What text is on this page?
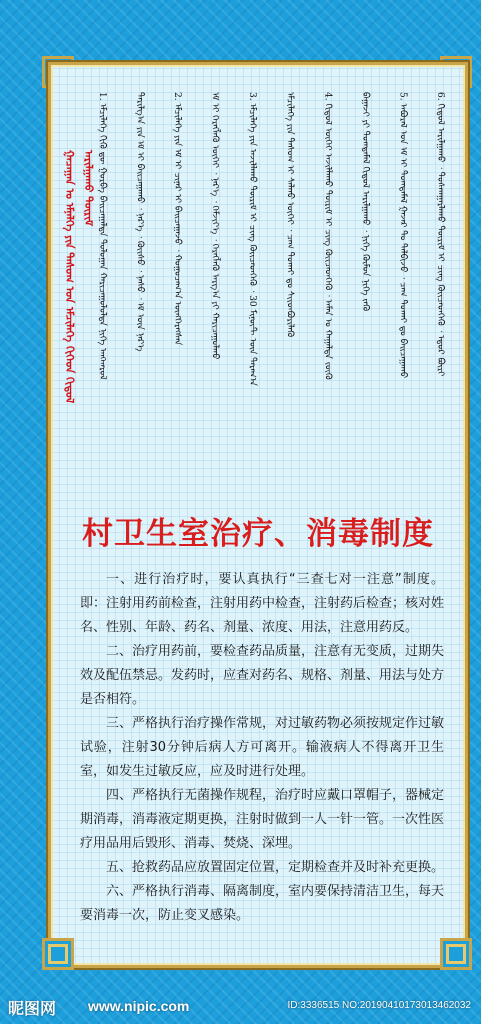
ᠭᠠᠴᠠᠭᠠᠨ ᠤ ᠡᠮᠨᠡᠯᠭᠡ ᠶᠢᠨ ᠲᠠᠰᠤᠭ ᠤᠨ ᠡᠮᠴᠢᠯᠡᠭᠡ ᠬᠢᠭᠡᠳ ᠬᠢᠳᠤᠯ ᠠᠷᠢᠯᠭᠠᠬᠤ ᠳᠦᠷᠢᠮ 1. ᠡᠮᠴᠢᠯᠡᠭᠡ ᠬᠢᠬᠦ ᠳᠦ ᠭᠤᠷᠪᠠ ᠪᠠᠢᠴᠠᠭᠠᠯᠲᠠ ᠳᠤᠯᠤᠭᠠᠨ ᠬᠠᠷᠢᠴᠠᠭᠤᠯᠤᠯᠲᠠ ᠨᠢᠭᠡ ᠠᠩᠬᠠᠷᠤᠯ	ᠲᠠᠷᠢᠯᠭ᠎ᠠ ᠶᠢᠨ ᠡᠮ ᠢ ᠪᠠᠢᠴᠠᠭᠠᠬᠤ ᠂ ᠨᠡᠷ᠎ᠡ ᠂ ᠬᠦᠢᠰᠦ ᠂ ᠨᠠᠰᠤ ᠂ ᠡᠮ ᠦᠨ ᠨᠡᠷ᠎ᠡ	2. ᠡᠮᠴᠢᠯᠡᠭᠡ ᠶᠢᠨ ᠡᠮ ᠢ ᠴᠢᠨᠠᠷ ᠢ ᠪᠠᠢᠴᠠᠭᠠᠵᠤ ᠂ ᠬᠤᠭᠤᠴᠠᠭ᠎ᠠ ᠥᠩᠭᠡᠷᠡᠭᠰᠡᠨ	ᠡᠮ ᠢ ᠬᠡᠷᠡᠭᠯᠡᠬᠦ ᠦᠭᠡᠢ ᠂ ᠨᠡᠷ᠎ᠡ ᠂ ᠬᠡᠮᠵᠢᠶ᠎ᠡ ᠂ ᠬᠡᠷᠡᠭᠯᠡᠬᠦ ᠠᠷᠭ᠎ᠠ ᠶᠢ ᠬᠠᠷᠢᠴᠠᠭᠤᠯᠬᠤ	3. ᠡᠮᠴᠢᠯᠡᠭᠡ ᠶᠢᠨ ᠠᠵᠢᠯᠯᠠᠬᠤ ᠳᠦᠷᠢᠮ ᠢ ᠴᠢᠩ ᠭᠦᠢᠴᠡᠳᠬᠡᠬᠦ ᠂ 30 ᠮᠢᠨᠦ᠋ᠲ ᠦᠨ ᠳᠠᠷᠠᠭ᠎ᠠ	ᠡᠮᠴᠢᠯᠡᠭᠡ ᠶᠢᠨ ᠲᠠᠰᠤᠭ ᠢ ᠰᠠᠯᠬᠤ ᠦᠭᠡᠢ ᠂ ᠴᠠᠭ ᠲᠤᠬᠠᠢ ᠳᠤ ᠰᠢᠢᠳᠪᠦᠷᠢᠯᠡᠬᠦ	4. ᠬᠢᠳᠤᠯ ᠦᠭᠡᠢ ᠠᠵᠢᠯᠯᠠᠬᠤ ᠳᠦᠷᠢᠮ ᠢ ᠴᠢᠩ ᠭᠦᠢᠴᠡᠳᠬᠡᠬᠦ ᠂ ᠠᠮᠠᠨ ᠤ ᠬᠠᠭᠠᠯᠲᠠ ᠵᠦᠬᠦ	ᠪᠠᠭᠠᠵᠢ ᠶᠢ ᠲᠤᠭᠲᠠᠮᠠᠯ ᠬᠢᠳᠤᠯ ᠠᠷᠢᠯᠭᠠᠬᠤ ᠂ ᠨᠢᠭᠡ ᠬᠦᠮᠦᠨ ᠨᠢᠭᠡ ᠵᠡᠭᠦ	5. ᠠᠪᠤᠷᠠᠯ ᠤᠨ ᠡᠮ ᠢ ᠲᠤᠭᠲᠠᠮᠠᠯ ᠭᠠᠵᠠᠷ ᠲᠤ ᠲᠠᠯᠪᠢᠵᠤ ᠂ ᠴᠠᠭ ᠲᠤᠬᠠᠢ ᠳᠤ ᠪᠠᠢᠴᠠᠭᠠᠬᠤ	6. ᠬᠢᠳᠤᠯ ᠠᠷᠢᠯᠭᠠᠬᠤ ᠂ ᠲᠤᠰᠬᠠᠭᠠᠷᠯᠠᠬᠤ ᠳᠦᠷᠢᠮ ᠢ ᠴᠢᠩ ᠭᠦᠢᠴᠡᠳᠬᠡᠬᠦ ᠂ ᠡᠳᠦᠷ ᠪᠦᠷᠢ
村卫生室治疗、消毒制度

一、进行治疗时，要认真执行“三查七对一注意”制度。即：注射用药前检查，注射用药中检查，注射药后检查；核对姓名、性别、年龄、药名、剂量、浓度、用法，注意用药反。

二、治疗用药前，要检查药品质量，注意有无变质，过期失效及配伍禁忌。发药时，应查对药名、规格、剂量、用法与处方是否相符。

三、严格执行治疗操作常规，对过敏药物必须按规定作过敏试验，注射30分钟后病人方可离开。输液病人不得离开卫生室，如发生过敏反应，应及时进行处理。

四、严格执行无菌操作规程，治疗时应戴口罩帽子，器械定期消毒，消毒液定期更换，注射时做到一人一针一管。一次性医疗用品用后毁形、消毒、焚烧、深埋。

五、抢救药品应放置固定位置，定期检查并及时补充更换。

六、严格执行消毒、隔离制度，室内要保持清洁卫生，每天要消毒一次，防止变叉感染。

昵图网 www.nipic.com	ID:3336515 NO:20190410173013462032
